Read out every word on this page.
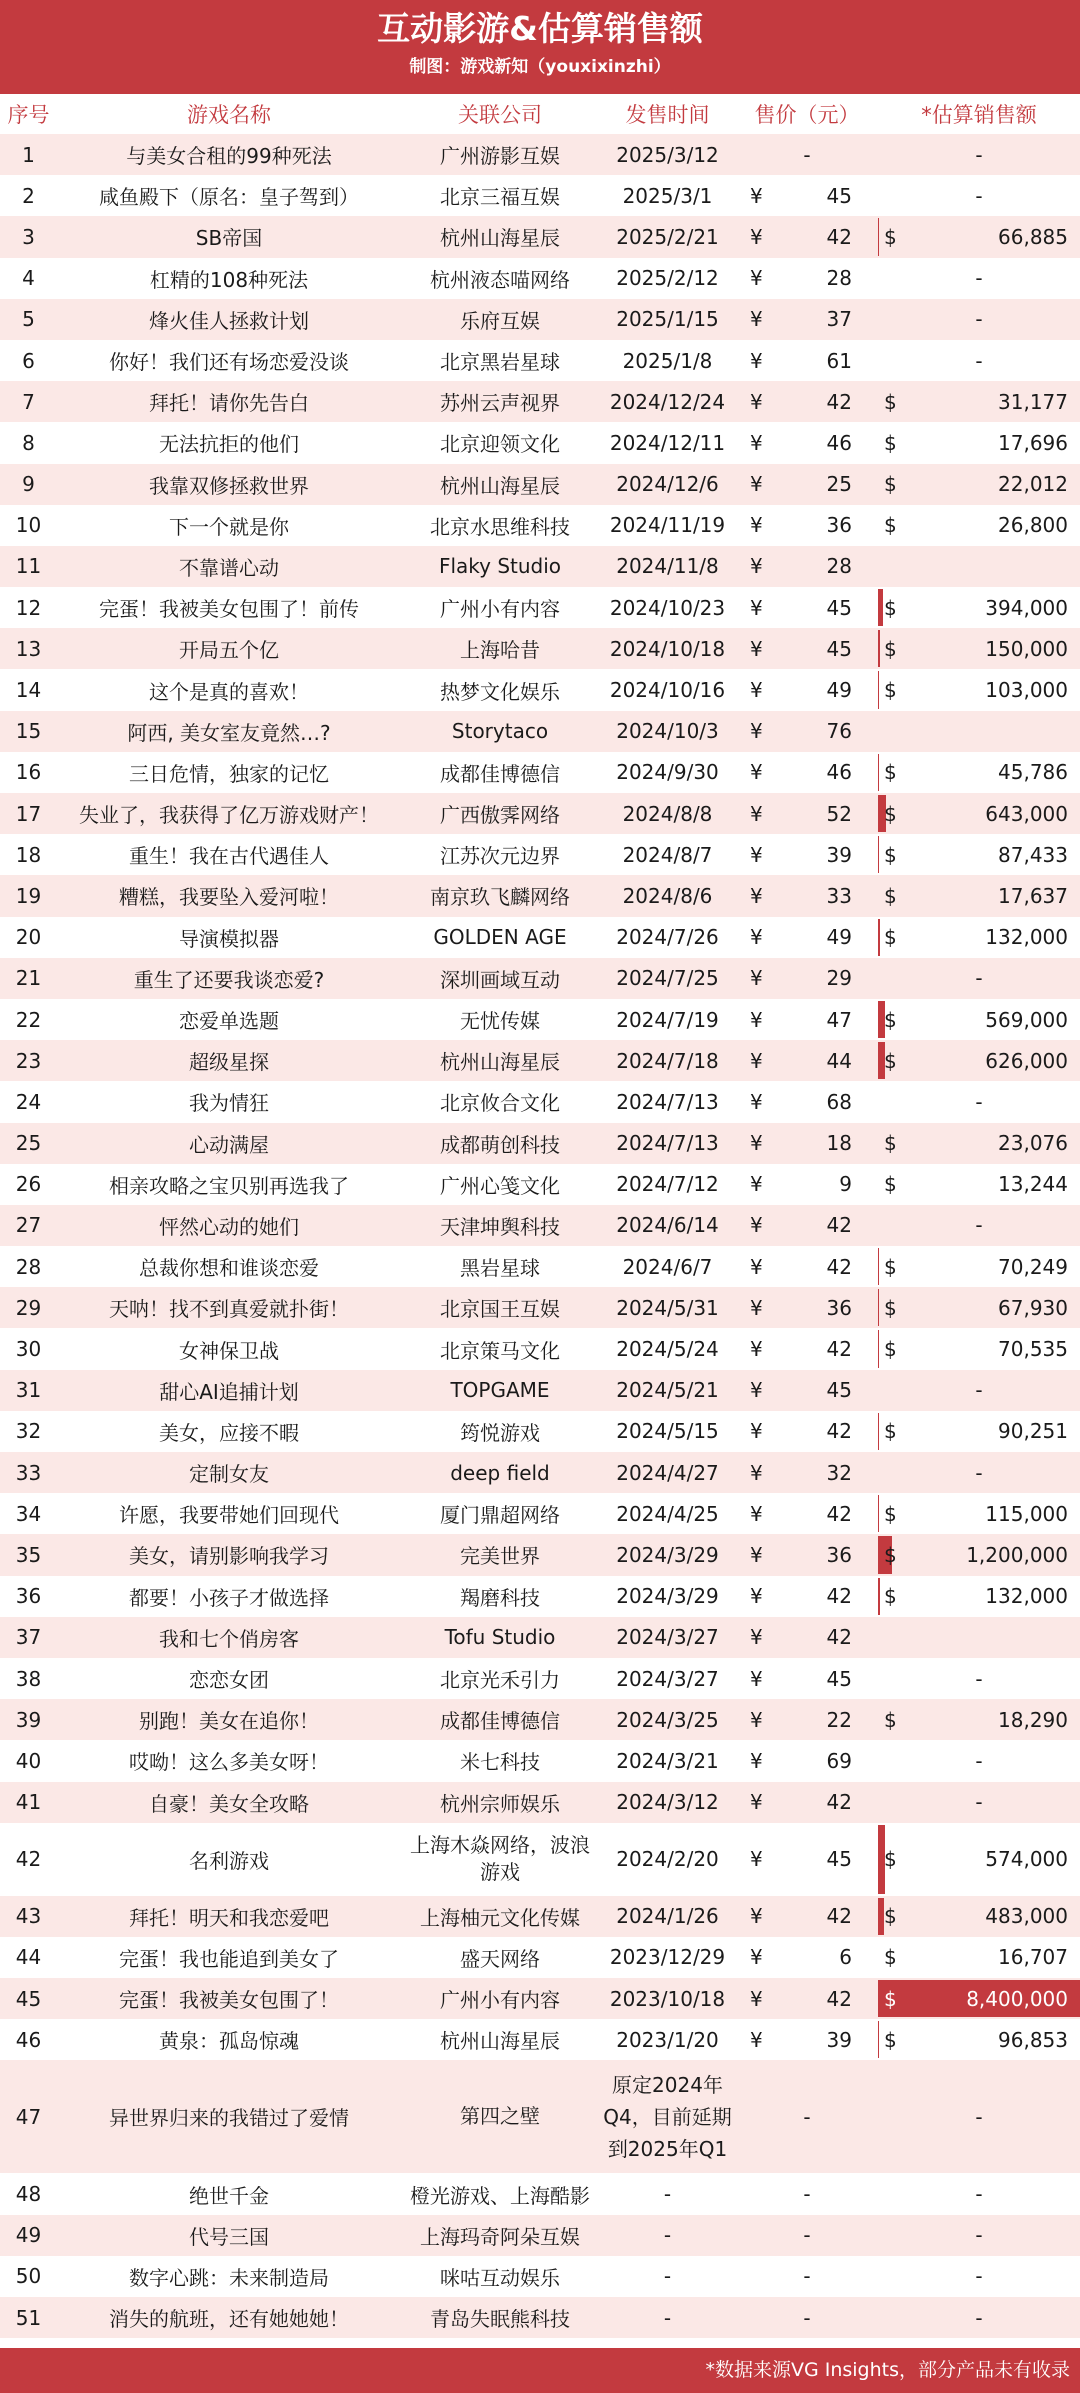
互动影游&估算销售额
制图：游戏新知（youxixinzhi）
序号	游戏名称	关联公司	发售时间	售价（元）		*估算销售额
1	与美女合租的99种死法	广州游影互娱	2025/3/12	-		-

2	咸鱼殿下（原名：皇子驾到）	北京三福互娱	2025/3/1	¥	45	-

3	SB帝国	杭州山海星辰	2025/2/21	¥	42	$ 66,885

4	杠精的108种死法	杭州液态喵网络	2025/2/12	¥	28	-

5	烽火佳人拯救计划	乐府互娱	2025/1/15	¥	37	-

6	你好！我们还有场恋爱没谈	北京黑岩星球	2025/1/8	¥	61	-

7	拜托！请你先告白	苏州云声视界	2024/12/24	¥	42	$ 31,177

8	无法抗拒的他们	北京迎领文化	2024/12/11	¥	46	$ 17,696

9	我靠双修拯救世界	杭州山海星辰	2024/12/6	¥	25	$ 22,012

10	下一个就是你	北京水思维科技	2024/11/19	¥	36	$ 26,800

11	不靠谱心动	Flaky Studio	2024/11/8	¥	28	

12	完蛋！我被美女包围了！前传	广州小有内容	2024/10/23	¥	45	$ 394,000

13	开局五个亿	上海哈昔	2024/10/18	¥	45	$ 150,000

14	这个是真的喜欢！	热梦文化娱乐	2024/10/16	¥	49	$ 103,000

15	阿西, 美女室友竟然…?	Storytaco	2024/10/3	¥	76	

16	三日危情，独家的记忆	成都佳博德信	2024/9/30	¥	46	$ 45,786

17	失业了，我获得了亿万游戏财产！	广西傲霁网络	2024/8/8	¥	52	$ 643,000

18	重生！我在古代遇佳人	江苏次元边界	2024/8/7	¥	39	$ 87,433

19	糟糕，我要坠入爱河啦！	南京玖飞麟网络	2024/8/6	¥	33	$ 17,637

20	导演模拟器	GOLDEN AGE	2024/7/26	¥	49	$ 132,000

21	重生了还要我谈恋爱?	深圳画域互动	2024/7/25	¥	29	-

22	恋爱单选题	无忧传媒	2024/7/19	¥	47	$ 569,000

23	超级星探	杭州山海星辰	2024/7/18	¥	44	$ 626,000

24	我为情狂	北京攸合文化	2024/7/13	¥	68	-

25	心动满屋	成都萌创科技	2024/7/13	¥	18	$ 23,076

26	相亲攻略之宝贝别再选我了	广州心笺文化	2024/7/12	¥	9	$ 13,244

27	怦然心动的她们	天津坤舆科技	2024/6/14	¥	42	-

28	总裁你想和谁谈恋爱	黑岩星球	2024/6/7	¥	42	$ 70,249

29	天呐！找不到真爱就扑街！	北京国王互娱	2024/5/31	¥	36	$ 67,930

30	女神保卫战	北京策马文化	2024/5/24	¥	42	$ 70,535

31	甜心AI追捕计划	TOPGAME	2024/5/21	¥	45	-

32	美女，应接不暇	筠悦游戏	2024/5/15	¥	42	$ 90,251

33	定制女友	deep field	2024/4/27	¥	32	-

34	许愿，我要带她们回现代	厦门鼎超网络	2024/4/25	¥	42	$ 115,000

35	美女，请别影响我学习	完美世界	2024/3/29	¥	36	$ 1,200,000

36	都要！小孩子才做选择	羯磨科技	2024/3/29	¥	42	$ 132,000

37	我和七个俏房客	Tofu Studio	2024/3/27	¥	42	

38	恋恋女团	北京光禾引力	2024/3/27	¥	45	-

39	别跑！美女在追你！	成都佳博德信	2024/3/25	¥	22	$ 18,290

40	哎呦！这么多美女呀！	米七科技	2024/3/21	¥	69	-

41	自豪！美女全攻略	杭州宗师娱乐	2024/3/12	¥	42	-

42	名利游戏	上海木焱网络，波浪游戏	2024/2/20	¥	45	$ 574,000

43	拜托！明天和我恋爱吧	上海柚元文化传媒	2024/1/26	¥	42	$ 483,000

44	完蛋！我也能追到美女了	盛天网络	2023/12/29	¥	6	$ 16,707

45	完蛋！我被美女包围了！	广州小有内容	2023/10/18	¥	42	$ 8,400,000

46	黄泉：孤岛惊魂	杭州山海星辰	2023/1/20	¥	39	$ 96,853

47	异世界归来的我错过了爱情	第四之壁	原定2024年Q4，目前延期到2025年Q1	-		-

48	绝世千金	橙光游戏、上海酷影	-	-		-

49	代号三国	上海玛奇阿朵互娱	-	-		-

50	数字心跳：未来制造局	咪咕互动娱乐	-	-		-

51	消失的航班，还有她她她！	青岛失眠熊科技	-	-		-
*数据来源VG Insights，部分产品未有收录
